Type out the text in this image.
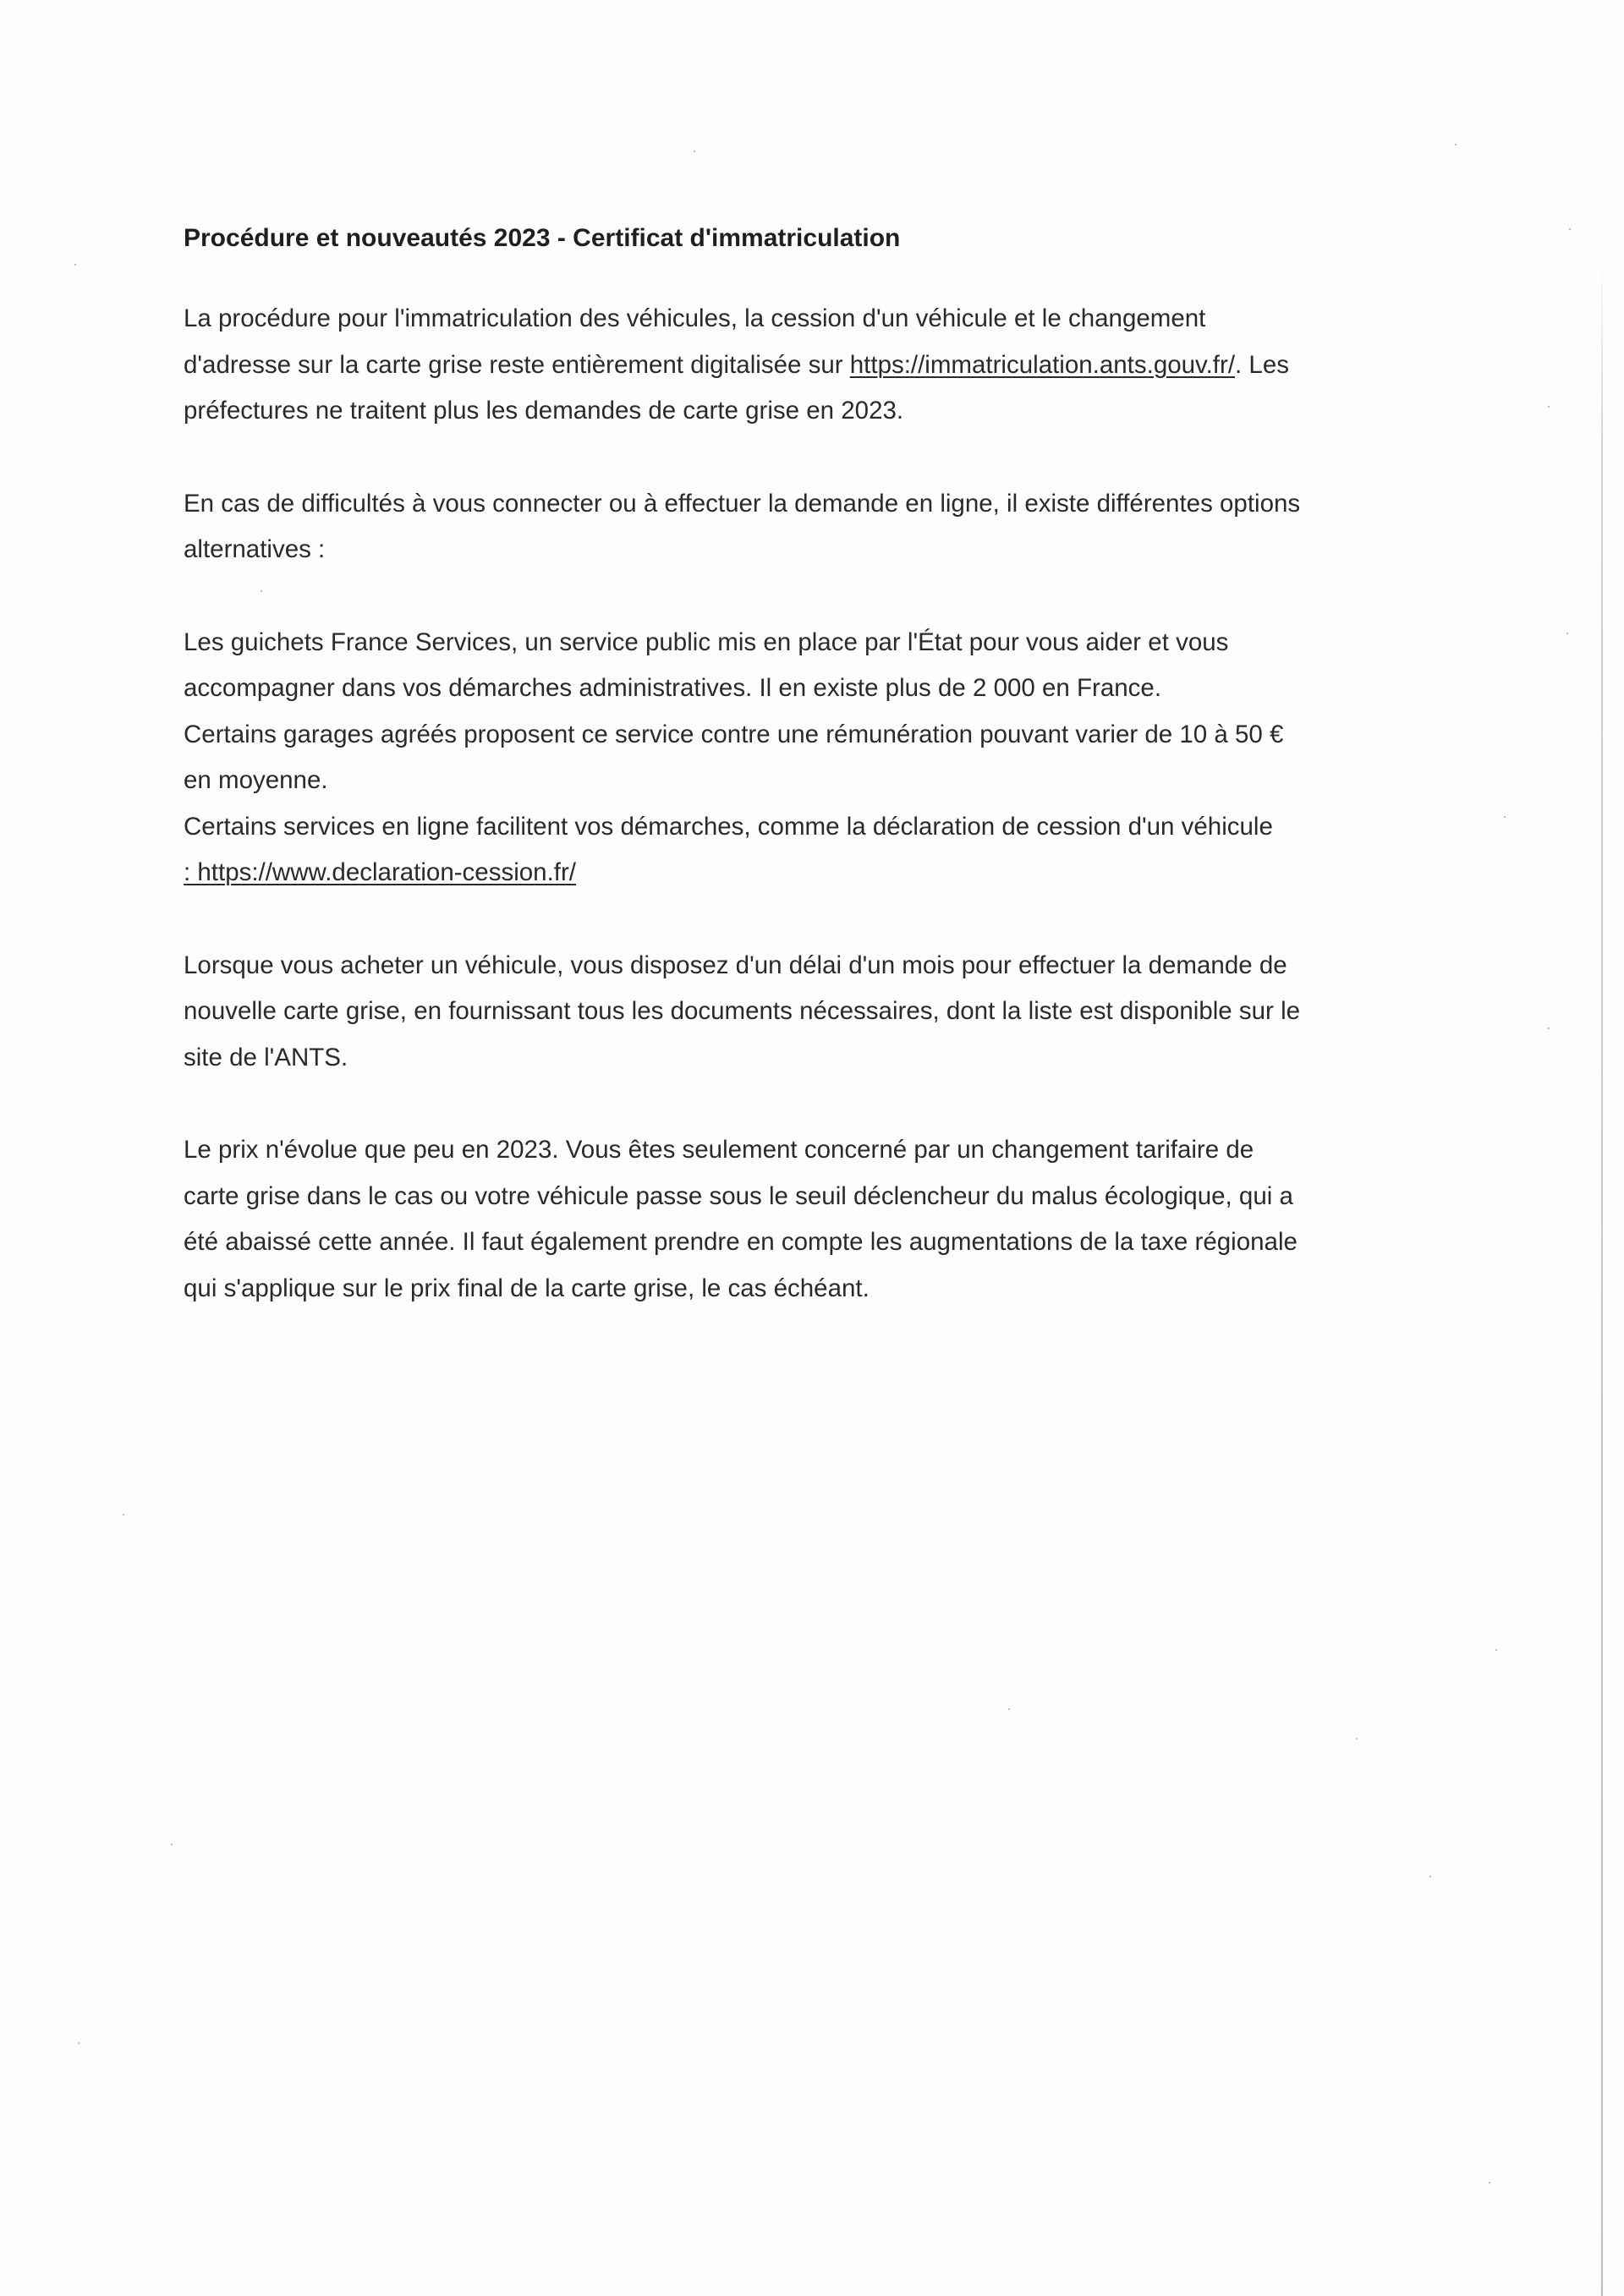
Procédure et nouveautés 2023 - Certificat d'immatriculation
La procédure pour l'immatriculation des véhicules, la cession d'un véhicule et le changement
d'adresse sur la carte grise reste entièrement digitalisée sur https://immatriculation.ants.gouv.fr/. Les
préfectures ne traitent plus les demandes de carte grise en 2023.
En cas de difficultés à vous connecter ou à effectuer la demande en ligne, il existe différentes options
alternatives :
Les guichets France Services, un service public mis en place par l'État pour vous aider et vous
accompagner dans vos démarches administratives. Il en existe plus de 2 000 en France.
Certains garages agréés proposent ce service contre une rémunération pouvant varier de 10 à 50 €
en moyenne.
Certains services en ligne facilitent vos démarches, comme la déclaration de cession d'un véhicule
: https://www.declaration-cession.fr/
Lorsque vous acheter un véhicule, vous disposez d'un délai d'un mois pour effectuer la demande de
nouvelle carte grise, en fournissant tous les documents nécessaires, dont la liste est disponible sur le
site de l'ANTS.
Le prix n'évolue que peu en 2023. Vous êtes seulement concerné par un changement tarifaire de
carte grise dans le cas ou votre véhicule passe sous le seuil déclencheur du malus écologique, qui a
été abaissé cette année. Il faut également prendre en compte les augmentations de la taxe régionale
qui s'applique sur le prix final de la carte grise, le cas échéant.
